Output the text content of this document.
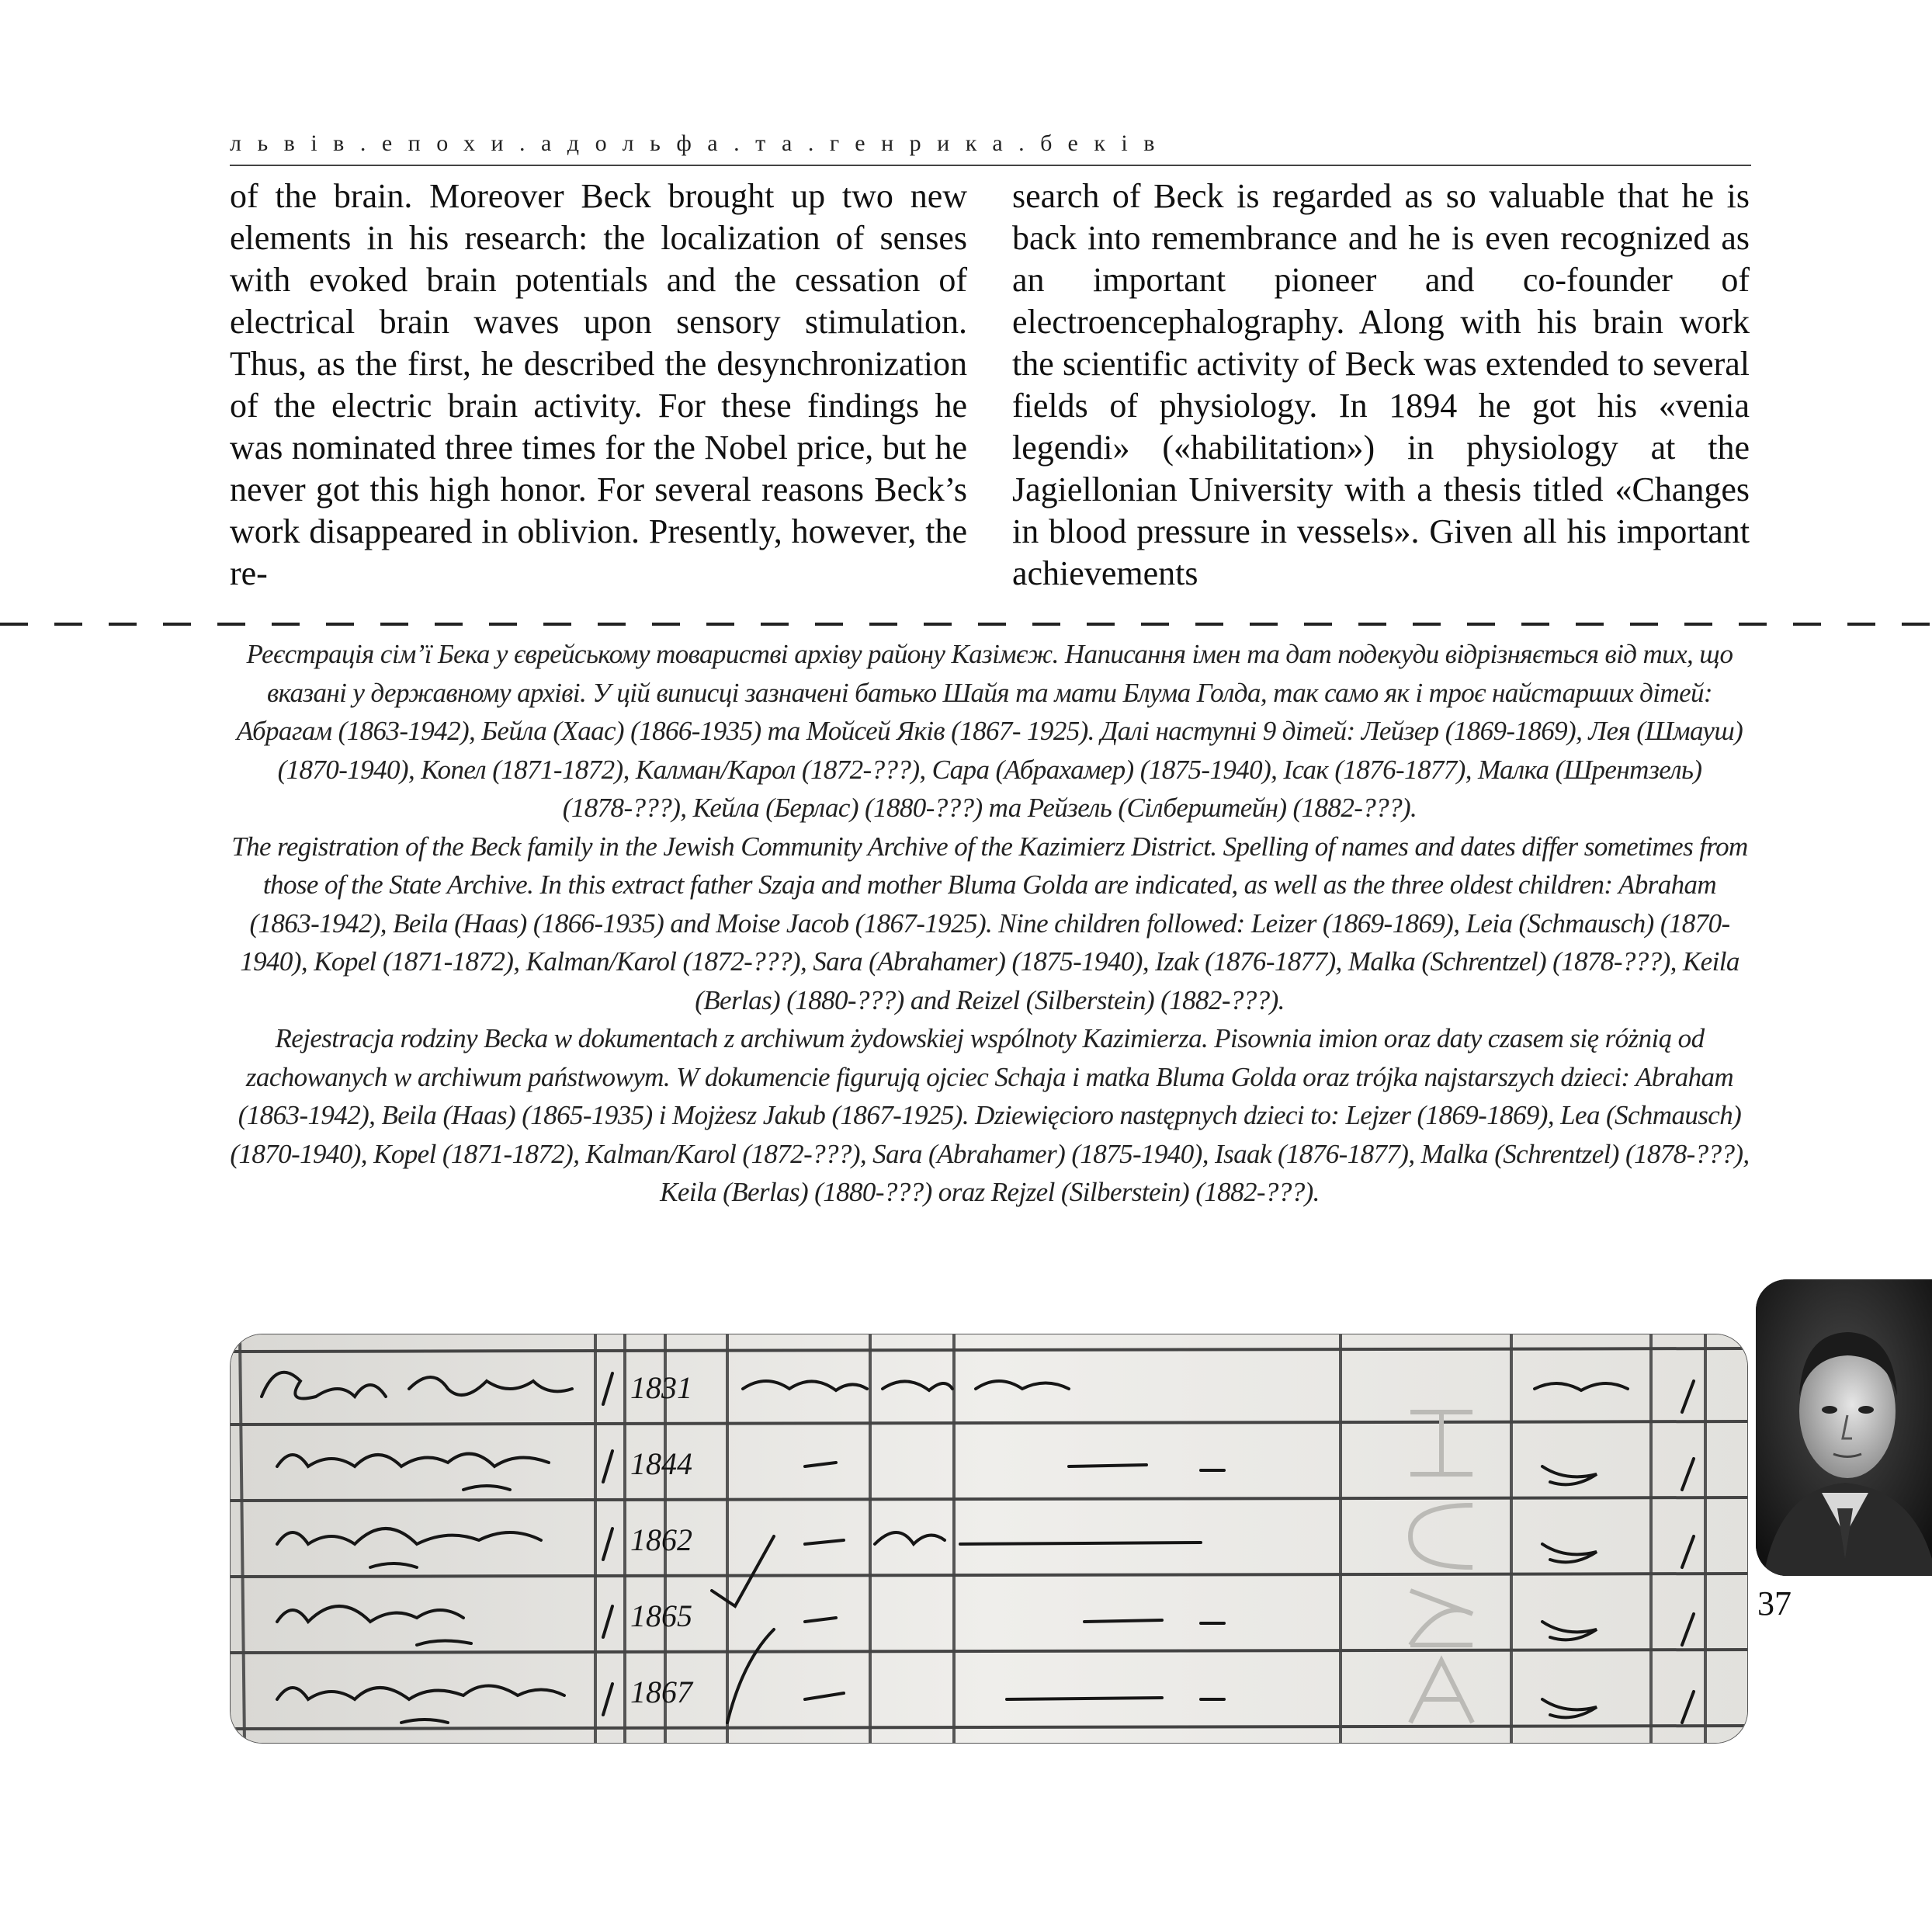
львів.епохи.адольфа.та.генрика.беків
of the brain. Moreover Beck brought up two new elements in his research: the localization of senses with evoked brain potentials and the cessation of electrical brain waves upon sensory stimulation. Thus, as the first, he described the desynchronization of the electric brain activity. For these findings he was nominated three times for the Nobel price, but he never got this high honor. For several reasons Beck’s work disappeared in oblivion. Presently, however, the re-
search of Beck is regarded as so valuable that he is back into remembrance and he is even recognized as an important pioneer and co-founder of electroencephalography. Along with his brain work the scientific activity of Beck was extended to several fields of physiology. In 1894 he got his «venia legendi» («habilitation») in physiology at the Jagiellonian University with a thesis titled «Changes in blood pressure in vessels». Given all his important achievements

Реєстрація сім’ї Бека у єврейському товаристві архіву району Казімєж. Написання імен та дат подекуди відрізняється від тих, що вказані у державному архіві. У цій виписці зазначені батько Шайя та мати Блума Голда, так само як і троє найстарших дітей: Абрагам (1863-1942), Бейла (Хаас) (1866-1935) та Мойсей Яків (1867- 1925). Далі наступні 9 дітей: Лейзер (1869-1869), Лея (Шмауш) (1870-1940), Копел (1871-1872), Калман/Карол (1872-???), Сара (Абрахамер) (1875-1940), Ісак (1876-1877), Малка (Шрентзель) (1878-???), Кейла (Берлас) (1880-???) та Рейзель (Сілберштейн) (1882-???).

The registration of the Beck family in the Jewish Community Archive of the Kazimierz District. Spelling of names and dates differ sometimes from those of the State Archive. In this extract father Szaja and mother Bluma Golda are indicated, as well as the three oldest children: Abraham (1863-1942), Beila (Haas) (1866-1935) and Moise Jacob (1867-1925). Nine children followed: Leizer (1869-1869), Leia (Schmausch) (1870-1940), Kopel (1871-1872), Kalman/Karol (1872-???), Sara (Abrahamer) (1875-1940), Izak (1876-1877), Malka (Schrentzel) (1878-???), Keila (Berlas) (1880-???) and Reizel (Silberstein) (1882-???).

Rejestracja rodziny Becka w dokumentach z archiwum żydowskiej wspólnoty Kazimierza. Pisownia imion oraz daty czasem się różnią od zachowanych w archiwum państwowym. W dokumencie figurują ojciec Schaja i matka Bluma Golda oraz trójka najstarszych dzieci: Abraham (1863-1942), Beila (Haas) (1865-1935) i Mojżesz Jakub (1867-1925). Dziewięcioro następnych dzieci to: Lejzer (1869-1869), Lea (Schmausch) (1870-1940), Kopel (1871-1872), Kalman/Karol (1872-???), Sara (Abrahamer) (1875-1940), Isaak (1876-1877), Malka (Schrentzel) (1878-???), Keila (Berlas) (1880-???) oraz Rejzel (Silberstein) (1882-???).

1831
1844
1862
1865
1867
37
